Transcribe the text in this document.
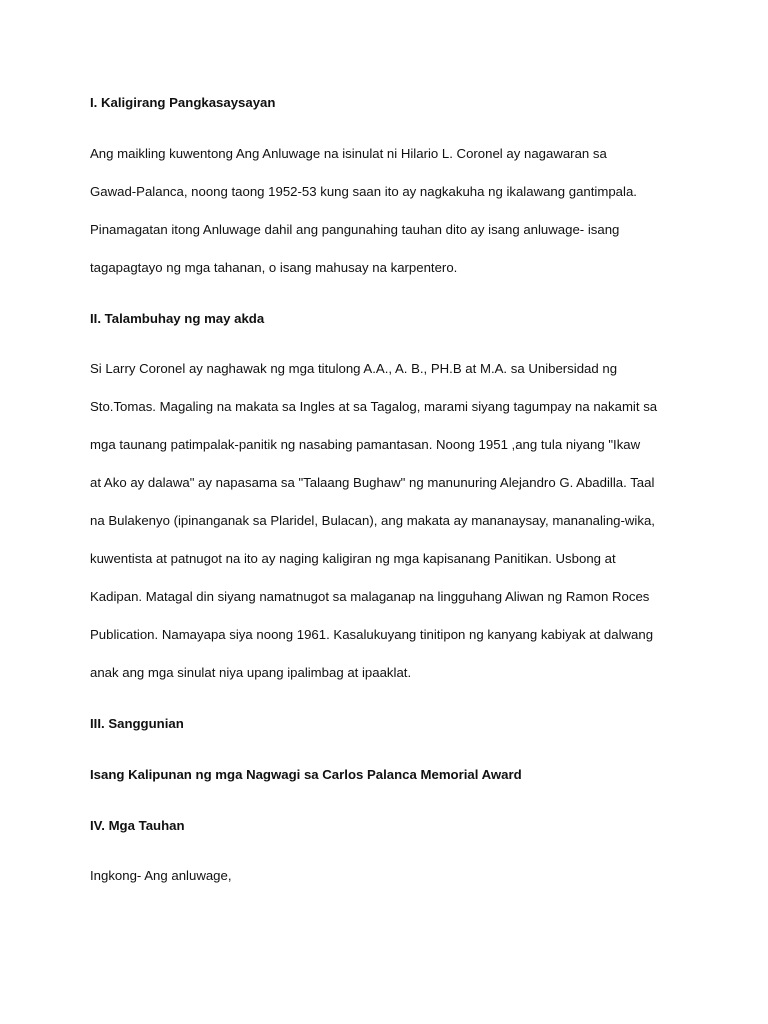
I. Kaligirang Pangkasaysayan
Ang maikling kuwentong Ang Anluwage na isinulat ni Hilario L. Coronel ay nagawaran sa
Gawad-Palanca, noong taong 1952-53 kung saan ito ay nagkakuha ng ikalawang gantimpala.
Pinamagatan itong Anluwage dahil ang pangunahing tauhan dito ay isang anluwage- isang
tagapagtayo ng mga tahanan, o isang mahusay na karpentero.
II. Talambuhay ng may akda
Si Larry Coronel ay naghawak ng mga titulong A.A., A. B., PH.B at M.A. sa Unibersidad ng
Sto.Tomas. Magaling na makata sa Ingles at sa Tagalog, marami siyang tagumpay na nakamit sa
mga taunang patimpalak-panitik ng nasabing pamantasan. Noong 1951 ,ang tula niyang "Ikaw
at Ako ay dalawa" ay napasama sa "Talaang Bughaw" ng manunuring Alejandro G. Abadilla. Taal
na Bulakenyo (ipinanganak sa Plaridel, Bulacan), ang makata ay mananaysay, mananaling-wika,
kuwentista at patnugot na ito ay naging kaligiran ng mga kapisanang Panitikan. Usbong at
Kadipan. Matagal din siyang namatnugot sa malaganap na lingguhang Aliwan ng Ramon Roces
Publication. Namayapa siya noong 1961. Kasalukuyang tinitipon ng kanyang kabiyak at dalwang
anak ang mga sinulat niya upang ipalimbag at ipaaklat.
III. Sanggunian
Isang Kalipunan ng mga Nagwagi sa Carlos Palanca Memorial Award
IV. Mga Tauhan
Ingkong- Ang anluwage,
